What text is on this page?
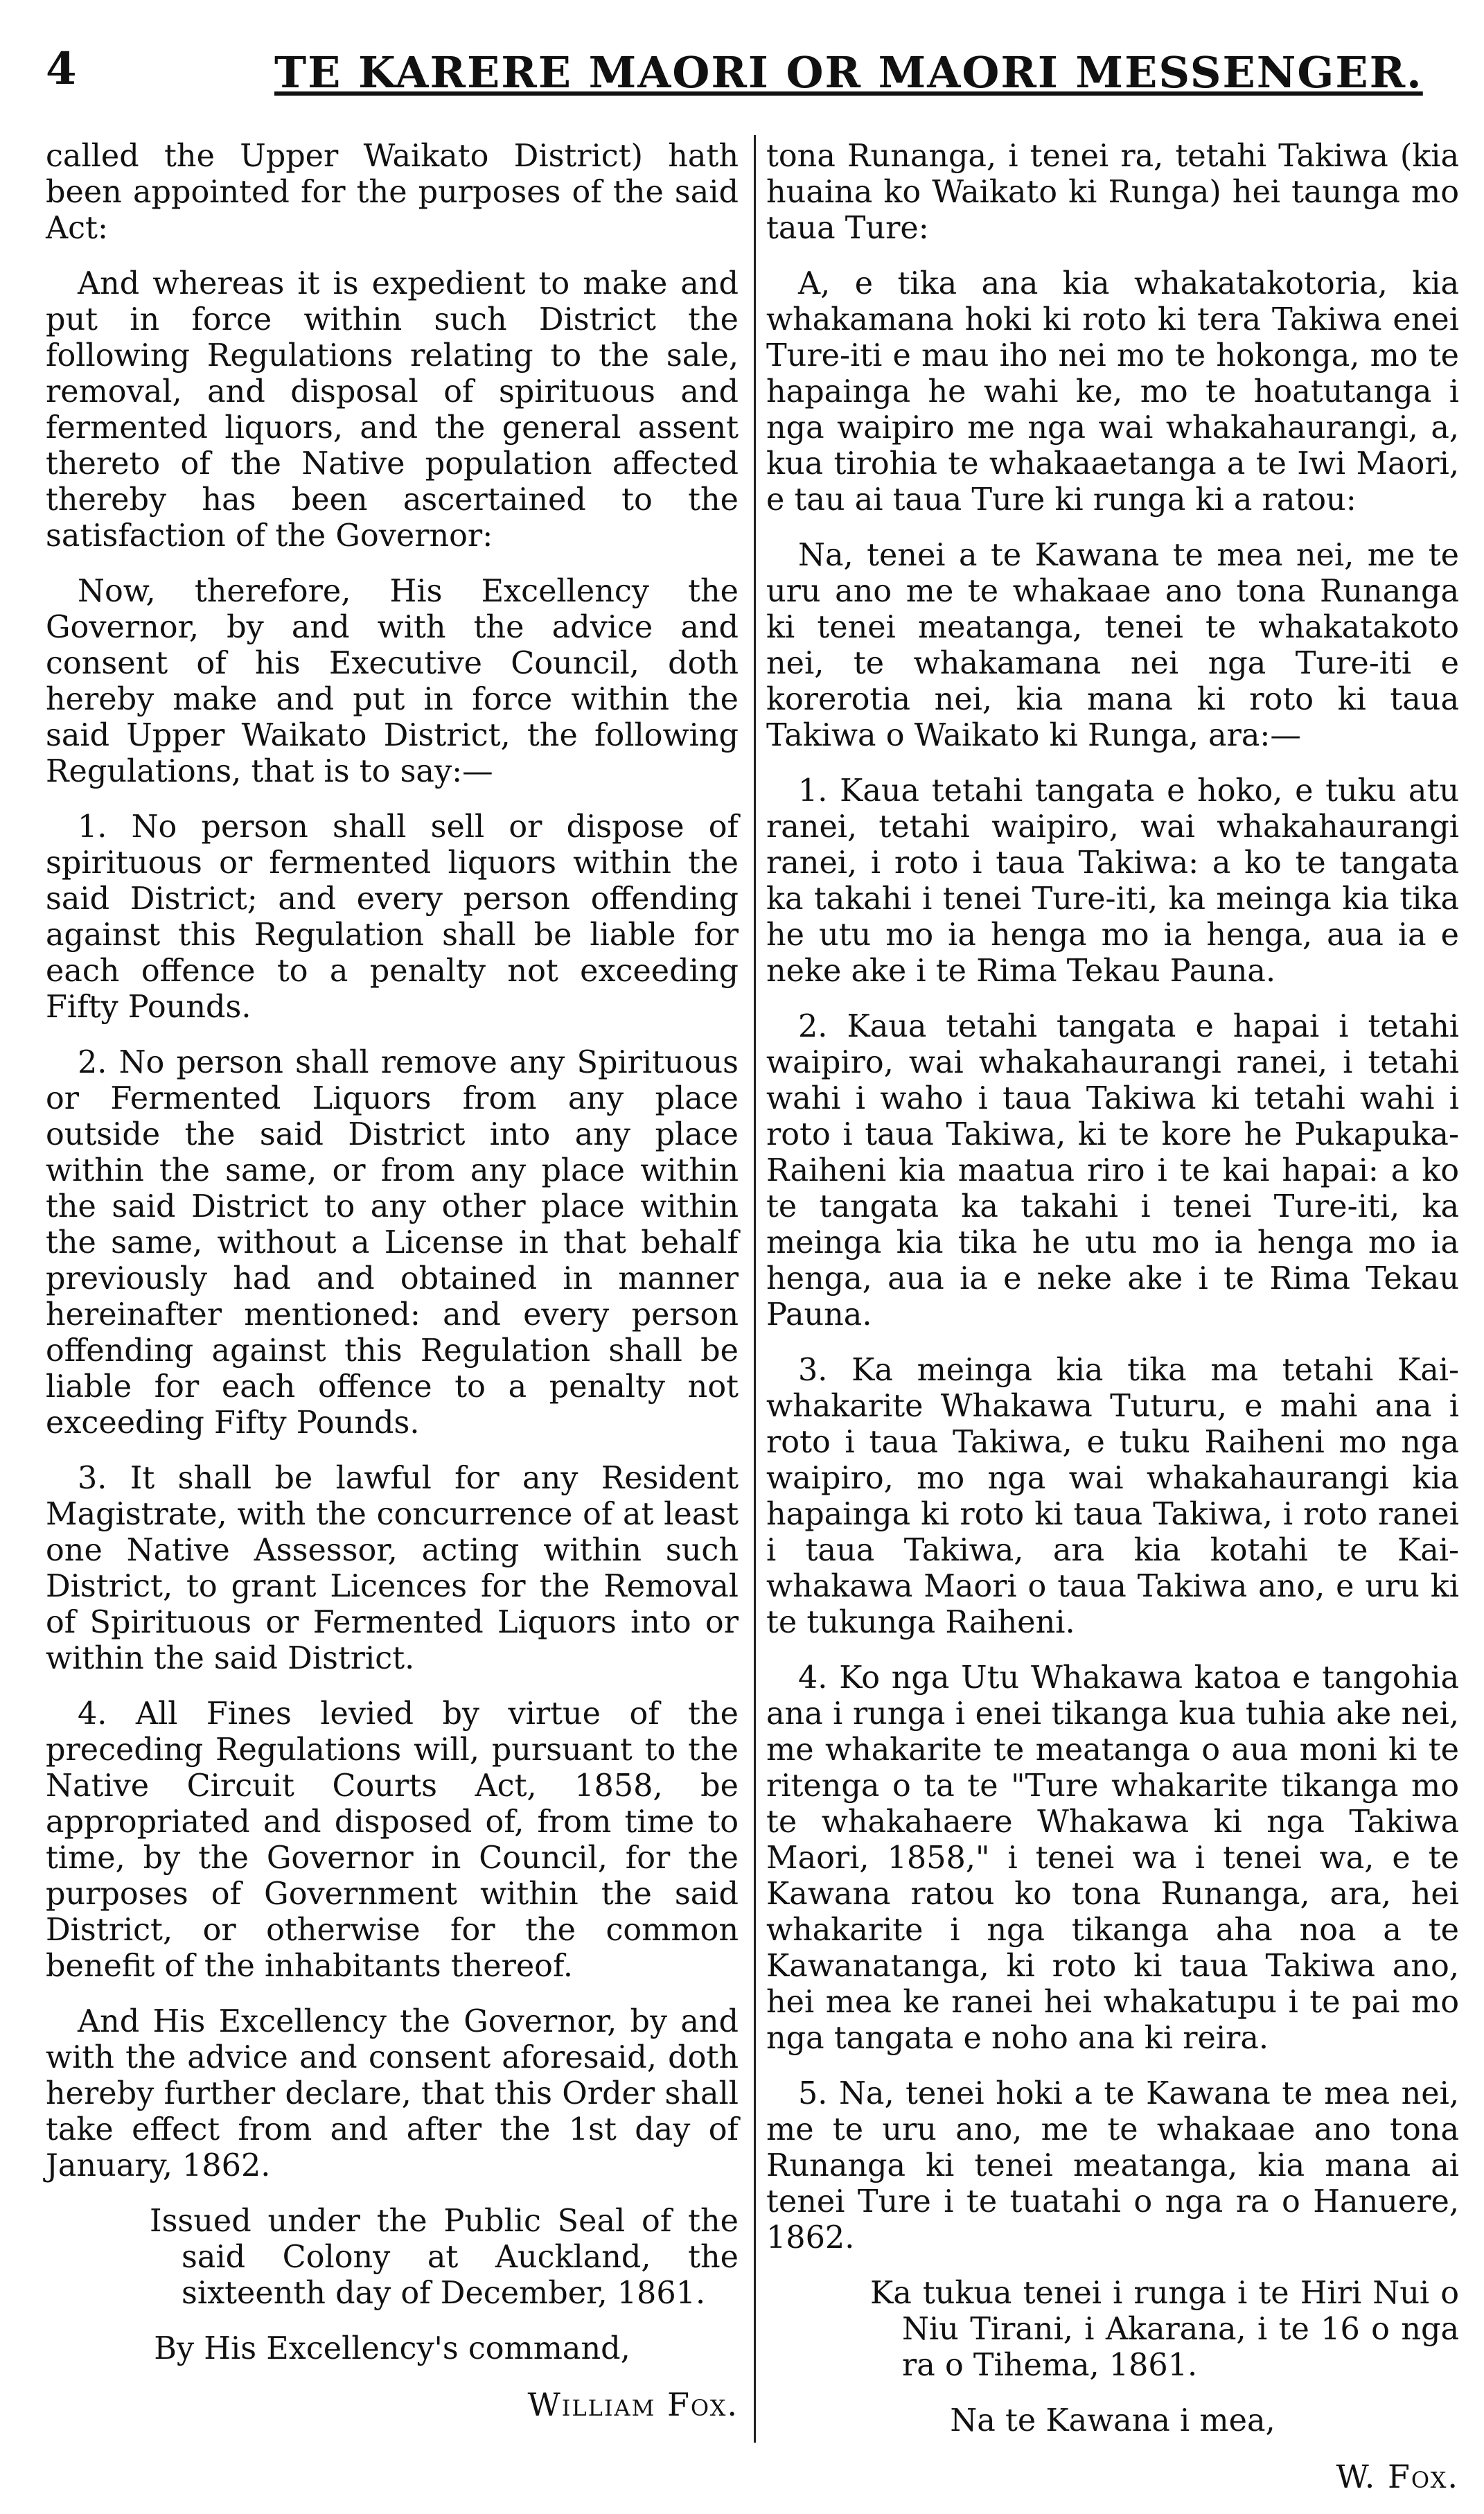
4	TE KARERE MAORI OR MAORI MESSENGER.

called the Upper Waikato District) hath been appointed for the purposes of the said Act:

And whereas it is expedient to make and put in force within such District the following Regulations relating to the sale, removal, and disposal of spirituous and fermented liquors, and the general assent thereto of the Native population affected thereby has been ascertained to the satisfaction of the Governor:

Now, therefore, His Excellency the Governor, by and with the advice and consent of his Executive Council, doth hereby make and put in force within the said Upper Waikato District, the following Regulations, that is to say:—

1. No person shall sell or dispose of spirituous or fermented liquors within the said District; and every person offending against this Regulation shall be liable for each offence to a penalty not exceeding Fifty Pounds.

2. No person shall remove any Spirituous or Fermented Liquors from any place outside the said District into any place within the same, or from any place within the said District to any other place within the same, without a License in that behalf previously had and obtained in manner hereinafter mentioned: and every person offending against this Regulation shall be liable for each offence to a penalty not exceeding Fifty Pounds.

3. It shall be lawful for any Resident Magistrate, with the concurrence of at least one Native Assessor, acting within such District, to grant Licences for the Removal of Spirituous or Fermented Liquors into or within the said District.

4. All Fines levied by virtue of the preceding Regulations will, pursuant to the Native Circuit Courts Act, 1858, be appropriated and disposed of, from time to time, by the Governor in Council, for the purposes of Government within the said District, or otherwise for the common benefit of the inhabitants thereof.

And His Excellency the Governor, by and with the advice and consent aforesaid, doth hereby further declare, that this Order shall take effect from and after the 1st day of January, 1862.

Issued under the Public Seal of the said Colony at Auckland, the sixteenth day of December, 1861.

By His Excellency's command,

William Fox.

tona Runanga, i tenei ra, tetahi Takiwa (kia huaina ko Waikato ki Runga) hei taunga mo taua Ture:

A, e tika ana kia whakatakotoria, kia whakamana hoki ki roto ki tera Takiwa enei Ture-iti e mau iho nei mo te hokonga, mo te hapainga he wahi ke, mo te hoatutanga i nga waipiro me nga wai whakahaurangi, a, kua tirohia te whakaaetanga a te Iwi Maori, e tau ai taua Ture ki runga ki a ratou:

Na, tenei a te Kawana te mea nei, me te uru ano me te whakaae ano tona Runanga ki tenei meatanga, tenei te whakatakoto nei, te whakamana nei nga Ture-iti e korerotia nei, kia mana ki roto ki taua Takiwa o Waikato ki Runga, ara:—

1. Kaua tetahi tangata e hoko, e tuku atu ranei, tetahi waipiro, wai whakahaurangi ranei, i roto i taua Takiwa: a ko te tangata ka takahi i tenei Ture-iti, ka meinga kia tika he utu mo ia henga mo ia henga, aua ia e neke ake i te Rima Tekau Pauna.

2. Kaua tetahi tangata e hapai i tetahi waipiro, wai whakahaurangi ranei, i tetahi wahi i waho i taua Takiwa ki tetahi wahi i roto i taua Takiwa, ki te kore he Pukapuka-Raiheni kia maatua riro i te kai hapai: a ko te tangata ka takahi i tenei Ture-iti, ka meinga kia tika he utu mo ia henga mo ia henga, aua ia e neke ake i te Rima Tekau Pauna.

3. Ka meinga kia tika ma tetahi Kai-whakarite Whakawa Tuturu, e mahi ana i roto i taua Takiwa, e tuku Raiheni mo nga waipiro, mo nga wai whakahaurangi kia hapainga ki roto ki taua Takiwa, i roto ranei i taua Takiwa, ara kia kotahi te Kai-whakawa Maori o taua Takiwa ano, e uru ki te tukunga Raiheni.

4. Ko nga Utu Whakawa katoa e tangohia ana i runga i enei tikanga kua tuhia ake nei, me whakarite te meatanga o aua moni ki te ritenga o ta te "Ture whakarite tikanga mo te whakahaere Whakawa ki nga Takiwa Maori, 1858," i tenei wa i tenei wa, e te Kawana ratou ko tona Runanga, ara, hei whakarite i nga tikanga aha noa a te Kawanatanga, ki roto ki taua Takiwa ano, hei mea ke ranei hei whakatupu i te pai mo nga tangata e noho ana ki reira.

5. Na, tenei hoki a te Kawana te mea nei, me te uru ano, me te whakaae ano tona Runanga ki tenei meatanga, kia mana ai tenei Ture i te tuatahi o nga ra o Hanuere, 1862.

Ka tukua tenei i runga i te Hiri Nui o Niu Tirani, i Akarana, i te 16 o nga ra o Tihema, 1861.

Na te Kawana i mea,

W. Fox.
